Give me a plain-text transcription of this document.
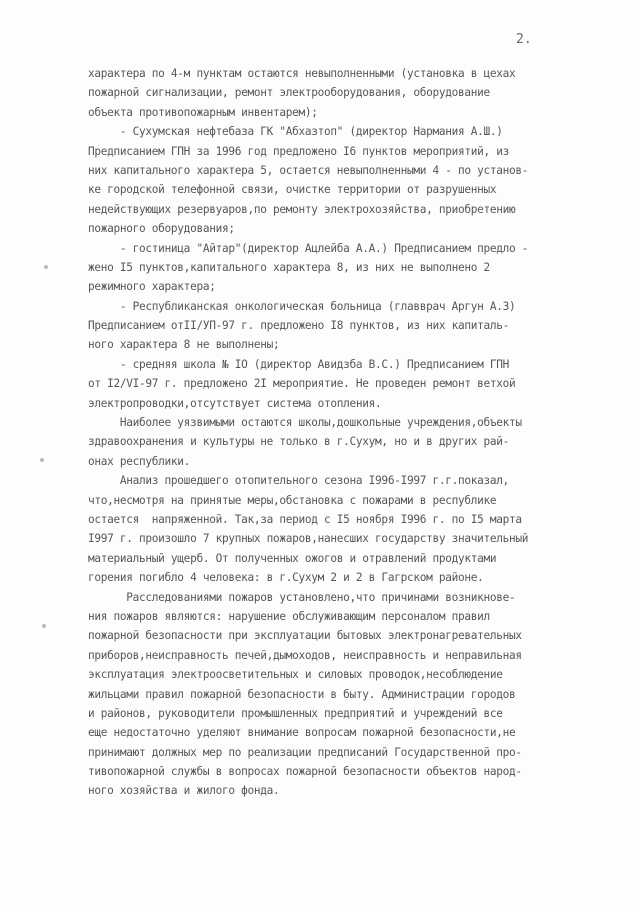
2.
характера по 4-м пунктам остаются невыполненными (установка в цехах
пожарной сигнализации, ремонт электрооборудования, оборудование
объекта противопожарным инвентарем);
- Сухумская нефтебаза ГК "Абхазтоп" (директор Нармания А.Ш.)
Предписанием ГПН за 1996 год предложено I6 пунктов мероприятий, из
них капитального характера 5, остается невыполненными 4 - по установ-
ке городской телефонной связи, очистке территории от разрушенных
недействующих резервуаров,по ремонту электрохозяйства, приобретению
пожарного оборудования;
- гостиница "Айтар"(директор Ацлейба А.А.) Предписанием предло -
жено I5 пунктов,капитального характера 8, из них не выполнено 2
режимного характера;
- Республиканская онкологическая больница (главврач Аргун А.З)
Предписанием отII/УП-97 г. предложено I8 пунктов, из них капиталь-
ного характера 8 не выполнены;
- средняя школа № IO (директор Авидзба В.С.) Предписанием ГПН
от I2/VI-97 г. предложено 2I мероприятие. Не проведен ремонт ветхой
электропроводки,отсутствует система отопления.
Наиболее уязвимыми остаются школы,дошкольные учреждения,объекты
здравоохранения и культуры не только в г.Сухум, но и в других рай-
онах республики.
Анализ прошедшего отопительного сезона I996-I997 г.г.показал,
что,несмотря на принятые меры,обстановка с пожарами в республике
остается  напряженной. Так,за период с I5 ноября I996 г. по I5 марта
I997 г. произошло 7 крупных пожаров,нанесших государству значительный
материальный ущерб. От полученных ожогов и отравлений продуктами
горения погибло 4 человека: в г.Сухум 2 и 2 в Гагрском районе.
Расследованиями пожаров установлено,что причинами возникнове-
ния пожаров являются: нарушение обслуживающим персоналом правил
пожарной безопасности при эксплуатации бытовых электронагревательных
приборов,неисправность печей,дымоходов, неисправность и неправильная
эксплуатация электроосветительных и силовых проводок,несоблюдение
жильцами правил пожарной безопасности в быту. Администрации городов
и районов, руководители промышленных предприятий и учреждений все
еще недостаточно уделяют внимание вопросам пожарной безопасности,не
принимают должных мер по реализации предписаний Государственной про-
тивопожарной службы в вопросах пожарной безопасности объектов народ-
ного хозяйства и жилого фонда.
